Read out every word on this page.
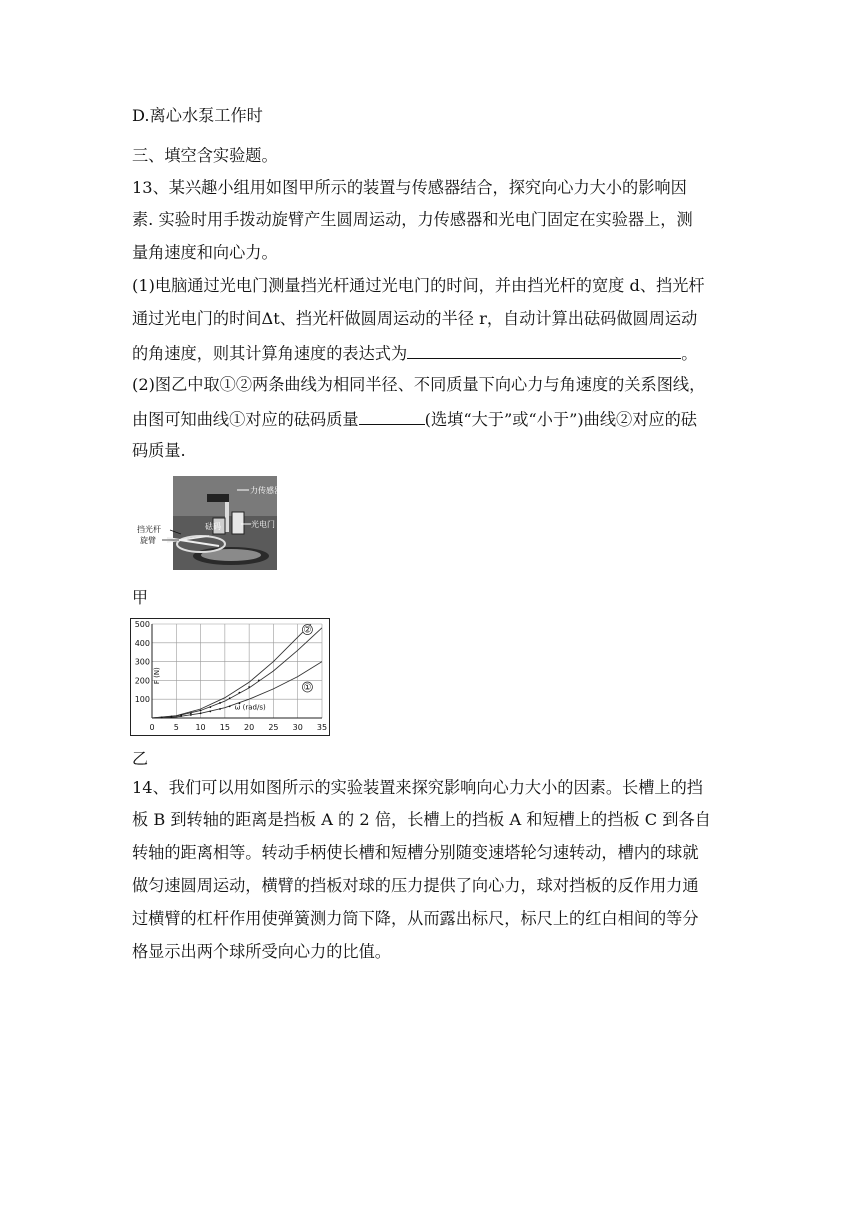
D.离心水泵工作时
三、填空含实验题。
13、某兴趣小组用如图甲所示的装置与传感器结合，探究向心力大小的影响因
素. 实验时用手拨动旋臂产生圆周运动，力传感器和光电门固定在实验器上，测
量角速度和向心力。
(1)电脑通过光电门测量挡光杆通过光电门的时间，并由挡光杆的宽度 d、挡光杆
通过光电门的时间Δt、挡光杆做圆周运动的半径 r，自动计算出砝码做圆周运动
的角速度，则其计算角速度的表达式为	。
(2)图乙中取①②两条曲线为相同半径、不同质量下向心力与角速度的关系图线，
由图可知曲线①对应的砝码质量	(选填“大于”或“小于”)曲线②对应的砝
码质量.
力传感器
砝码	光电门
挡光杆
旋臂
甲
②
①
0 5 10 15 20 25 30 35
100
200
300
400
500
F (N)
ω (rad/s)
乙
14、我们可以用如图所示的实验装置来探究影响向心力大小的因素。长槽上的挡
板 B 到转轴的距离是挡板 A 的 2 倍，长槽上的挡板 A 和短槽上的挡板 C 到各自
转轴的距离相等。转动手柄使长槽和短槽分别随变速塔轮匀速转动，槽内的球就
做匀速圆周运动，横臂的挡板对球的压力提供了向心力，球对挡板的反作用力通
过横臂的杠杆作用使弹簧测力筒下降，从而露出标尺，标尺上的红白相间的等分
格显示出两个球所受向心力的比值。
